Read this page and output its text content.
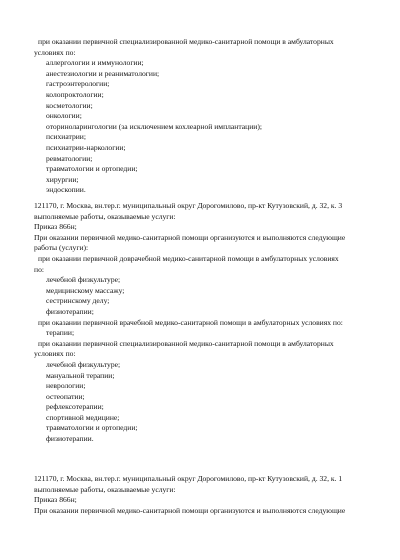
при оказании первичной специализированной медико-санитарной помощи в амбулаторных
условиях по:
аллергологии и иммунологии;
анестезиологии и реаниматологии;
гастроэнтерологии;
колопроктологии;
косметологии;
онкологии;
оториноларингологии (за исключением кохлеарной имплантации);
психиатрии;
психиатрии-наркологии;
ревматологии;
травматологии и ортопедии;
хирургии;
эндоскопии.
121170, г. Москва, вн.тер.г. муниципальный округ Дорогомилово, пр-кт Кутузовский, д. 32, к. 3
выполняемые работы, оказываемые услуги:
Приказ 866н;
При оказании первичной медико-санитарной помощи организуются и выполняются следующие
работы (услуги):
при оказании первичной доврачебной медико-санитарной помощи в амбулаторных условиях
по:
лечебной физкультуре;
медицинскому массажу;
сестринскому делу;
физиотерапии;
при оказании первичной врачебной медико-санитарной помощи в амбулаторных условиях по:
терапии;
при оказании первичной специализированной медико-санитарной помощи в амбулаторных
условиях по:
лечебной физкультуре;
мануальной терапии;
неврологии;
остеопатии;
рефлексотерапии;
спортивной медицине;
травматологии и ортопедии;
физиотерапии.
121170, г. Москва, вн.тер.г. муниципальный округ Дорогомилово, пр-кт Кутузовский, д. 32, к. 1
выполняемые работы, оказываемые услуги:
Приказ 866н;
При оказании первичной медико-санитарной помощи организуются и выполняются следующие
